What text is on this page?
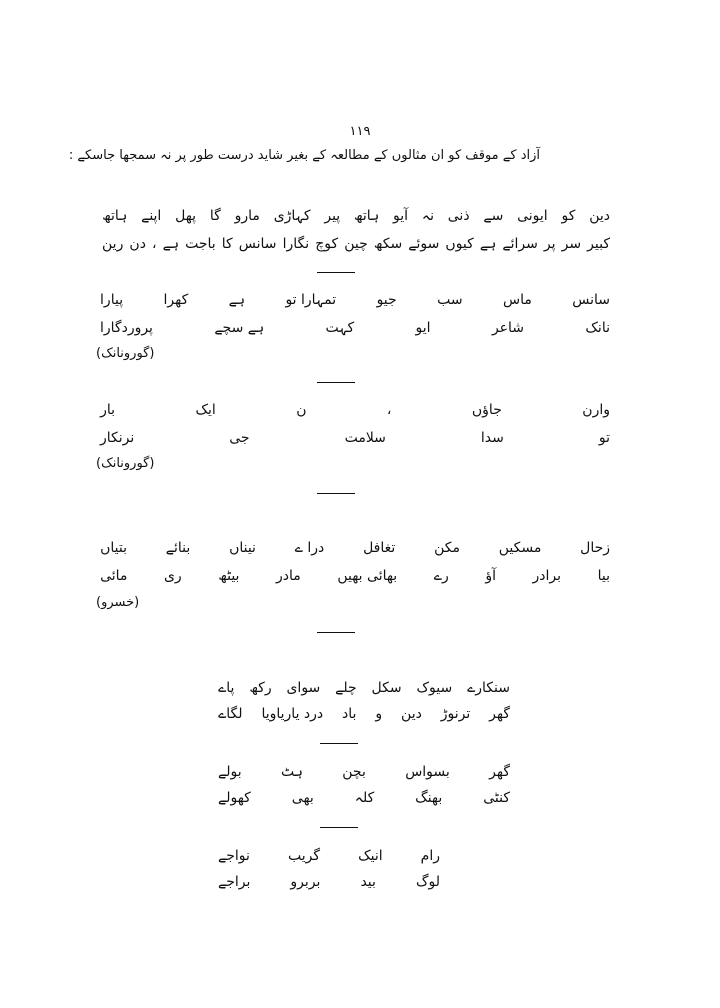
١١٩
آزاد کے موقف کو ان مثالوں کے مطالعہ کے بغیر شاید درست طور پر نہ سمجھا جاسکے :
دین
کو
ایونی
سے
ذنی
نہ
آیو
ہاتھ
پیر
کہاڑی
مارو
گا
پھل
اپنے
ہاتھ
کبیر
سر
پر
سرائے
ہے
کیوں
سوئے
سکھ
چین
کوچ
نگارا
سانس
کا
باجت
ہے
،
دن
رین
سانس
ماس
سب
جیو
تمہارا تو
ہے
کھرا
پیارا
نانک
شاعر
ایو
کہت
ہے سچے
پروردگارا
(گورونانک)
وارن
جاؤں
،
ن
ایک
بار
تو
سدا
سلامت
جی
نرنکار
(گورونانک)
زحال
مسکیں
مکن
تغافل
درا ے
نیناں
بنائے
بتیاں
بیا
برادر
آؤ
رے
بھائی بھیں
مادر
بیٹھ
ری
مائی
(خسرو)
سنکارے
سیوک
سکل
چلے
سوای
رکھ
پاے
گھر
ترنوڑ
دین
و
باد
درد یاریاویا
لگاے
گھر
بسواس
بچن
ہٹ
بولے
کنٹی
بھنگ
کلہ
بھی
کھولے
رام
انیک
گریب
نواجے
لوگ
بید
بربرو
براجے
